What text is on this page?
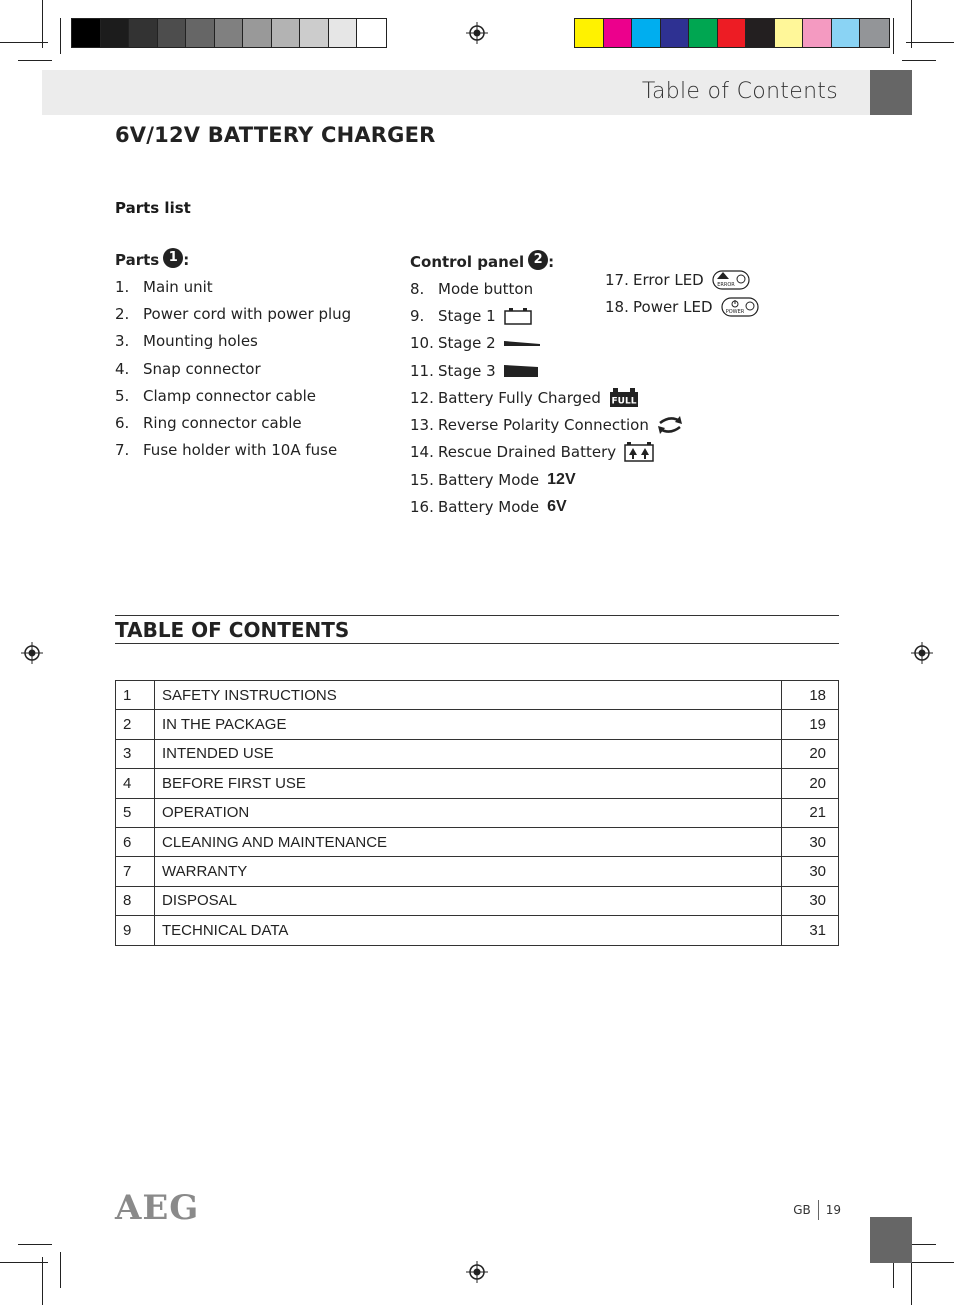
Table of Contents
6V/12V BATTERY CHARGER
Parts list
Parts 1 :
1. Main unit
2. Power cord with power plug
3. Mounting holes
4. Snap connector
5. Clamp connector cable
6. Ring connector cable
7. Fuse holder with 10A fuse
Control panel 2 :
8. Mode button
9. Stage 1
10. Stage 2
11. Stage 3
12. Battery Fully Charged FULL
13. Reverse Polarity Connection
14. Rescue Drained Battery
15. Battery Mode 12V
16. Battery Mode 6V
17. Error LED	ERROR
18. Power LED	POWER
TABLE OF CONTENTS
1	SAFETY INSTRUCTIONS	18
2	IN THE PACKAGE	19
3	INTENDED USE	20
4	BEFORE FIRST USE	20
5	OPERATION	21
6	CLEANING AND MAINTENANCE	30
7	WARRANTY	30
8	DISPOSAL	30
9	TECHNICAL DATA	31
AEG	GB 19
